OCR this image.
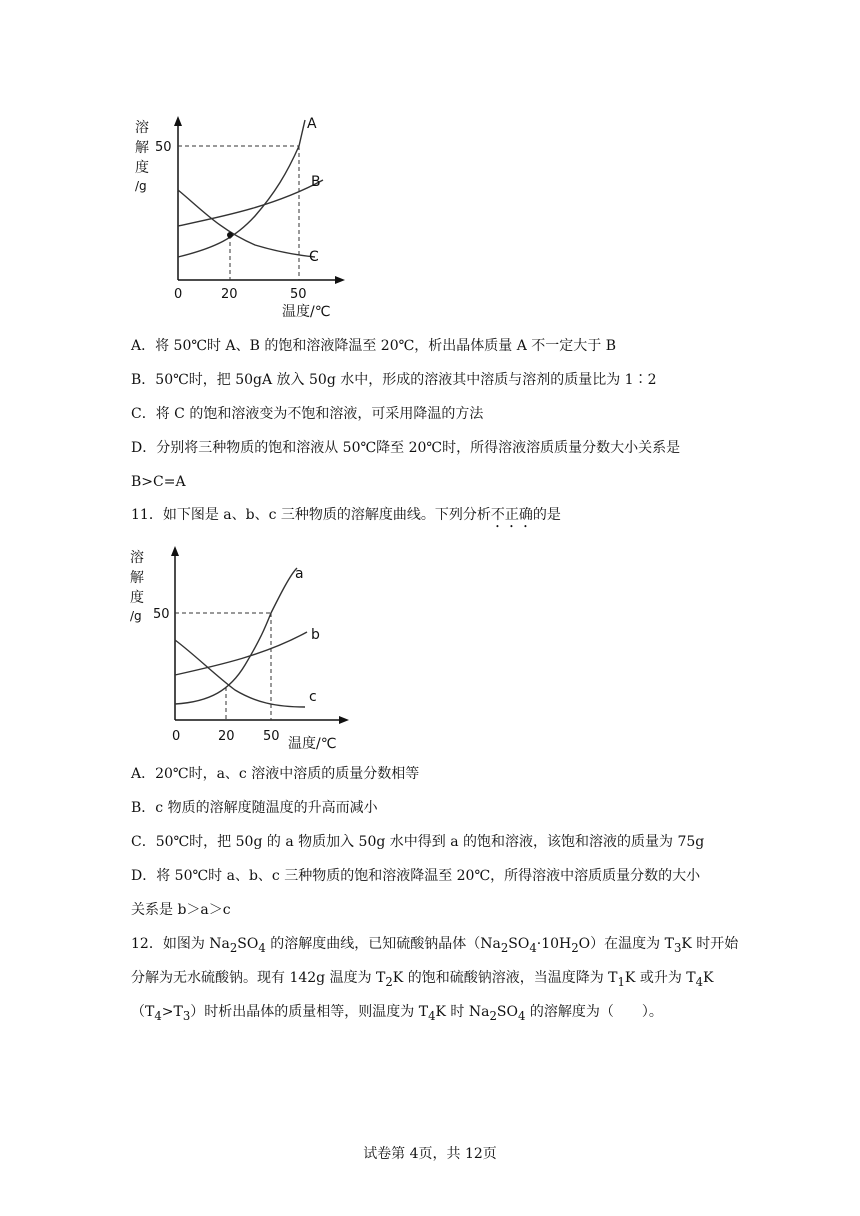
溶
解
度
/g
50
0	20	50
温度/℃
A
B
C
A．将 50℃时 A、B 的饱和溶液降温至 20℃，析出晶体质量 A 不一定大于 B
B．50℃时，把 50gA 放入 50g 水中，形成的溶液其中溶质与溶剂的质量比为 1∶2
C．将 C 的饱和溶液变为不饱和溶液，可采用降温的方法
D．分别将三种物质的饱和溶液从 50℃降至 20℃时，所得溶液溶质质量分数大小关系是
B>C=A
11．如下图是 a、b、c 三种物质的溶解度曲线。下列分析不正确的是
溶
解
度
/g 50
0	20 50 温度/℃
a
b
c
A．20℃时，a、c 溶液中溶质的质量分数相等
B．c 物质的溶解度随温度的升高而减小
C．50℃时，把 50g 的 a 物质加入 50g 水中得到 a 的饱和溶液，该饱和溶液的质量为 75g
D．将 50℃时 a、b、c 三种物质的饱和溶液降温至 20℃，所得溶液中溶质质量分数的大小
关系是 b＞a＞c
12．如图为 $Na_2SO_4$ 的溶解度曲线，已知硫酸钠晶体$(Na_2SO_4\cdot 10H_2O)$在温度为 $T_3K$ 时开始
分解为无水硫酸钠。现有 142g 温度为 $T_2K$ 的饱和硫酸钠溶液，当温度降为 $T_1K$ 或升为 $T_4K$
$(T_4>T_3)$时析出晶体的质量相等，则温度为 $T_4K$ 时 $Na_2SO_4$ 的溶解度为（　　）。
试卷第 4页，共 12页
